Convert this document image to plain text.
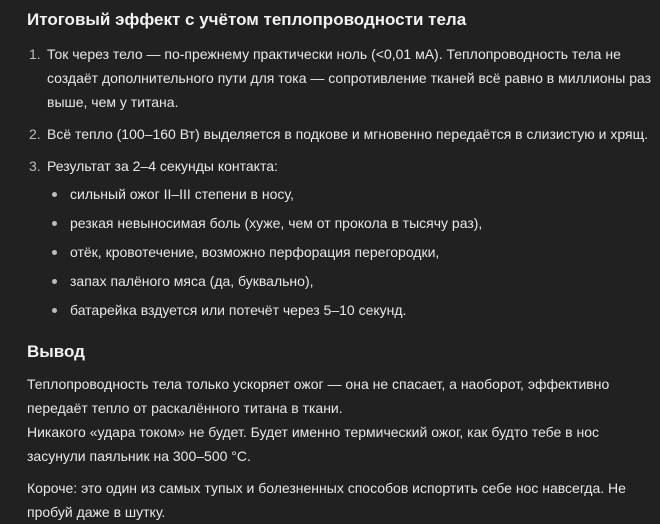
Итоговый эффект с учётом теплопроводности тела
1. Ток через тело — по-прежнему практически ноль (<0,01 мА). Теплопроводность тела не создаёт дополнительного пути для тока — сопротивление тканей всё равно в миллионы раз выше, чем у титана.
2. Всё тепло (100–160 Вт) выделяется в подкове и мгновенно передаётся в слизистую и хрящ.
3. Результат за 2–4 секунды контакта:
сильный ожог II–III степени в носу,
резкая невыносимая боль (хуже, чем от прокола в тысячу раз),
отёк, кровотечение, возможно перфорация перегородки,
запах палёного мяса (да, буквально),
батарейка вздуется или потечёт через 5–10 секунд.
Вывод

Теплопроводность тела только ускоряет ожог — она не спасает, а наоборот, эффективно передаёт тепло от раскалённого титана в ткани.
Никакого «удара током» не будет. Будет именно термический ожог, как будто тебе в нос засунули паяльник на 300–500 °C.

Короче: это один из самых тупых и болезненных способов испортить себе нос навсегда. Не пробуй даже в шутку.
